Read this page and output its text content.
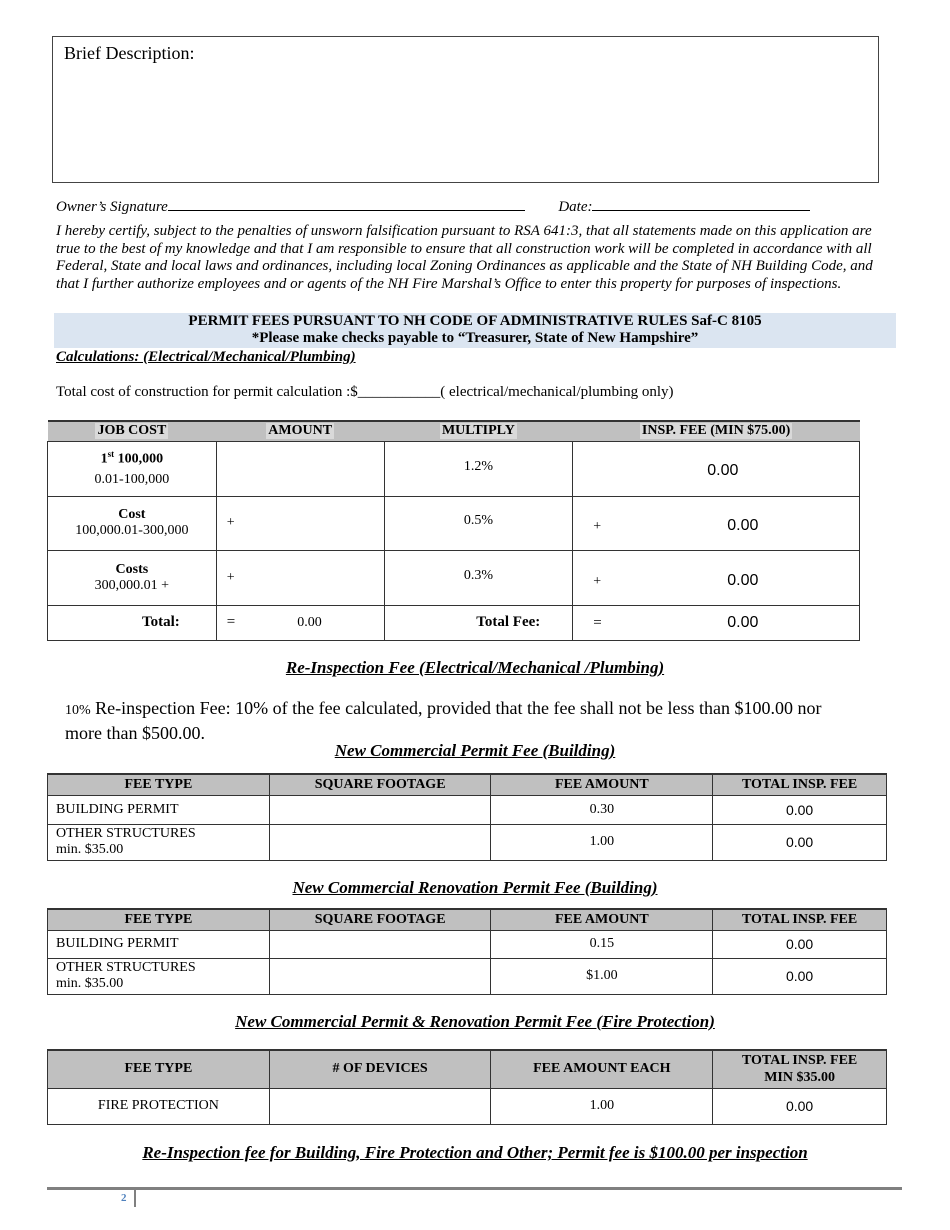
Brief Description:
Owner’s Signature	Date:
I hereby certify, subject to the penalties of unsworn falsification pursuant to RSA 641:3, that all statements made on this application are true to the best of my knowledge and that I am responsible to ensure that all construction work will be completed in accordance with all Federal, State and local laws and ordinances, including local Zoning Ordinances as applicable and the State of NH Building Code, and that I further authorize employees and or agents of the NH Fire Marshal’s Office to enter this property for purposes of inspections.
PERMIT FEES PURSUANT TO NH CODE OF ADMINISTRATIVE RULES Saf-C 8105
*Please make checks payable to “Treasurer, State of New Hampshire”
Calculations: (Electrical/Mechanical/Plumbing)
Total cost of construction for permit calculation :$___________( electrical/mechanical/plumbing only)
JOB COST	AMOUNT	MULTIPLY	INSP. FEE (MIN $75.00)

1st 100,000
0.01-100,000		1.2%	0.00

Cost
100,000.01-300,000	+	0.5%	+ 0.00

Costs
300,000.01 +	+	0.3%	+ 0.00
Total:	= 0.00	Total Fee:	= 0.00
Re-Inspection Fee (Electrical/Mechanical /Plumbing)
10% Re-inspection Fee: 10% of the fee calculated, provided that the fee shall not be less than $100.00 nor more than $500.00.
New Commercial Permit Fee (Building)
FEE TYPE	SQUARE FOOTAGE	FEE AMOUNT	TOTAL INSP. FEE

BUILDING PERMIT		0.30	0.00

OTHER STRUCTURES
min. $35.00		1.00	0.00
New Commercial Renovation Permit Fee (Building)
FEE TYPE	SQUARE FOOTAGE	FEE AMOUNT	TOTAL INSP. FEE

BUILDING PERMIT		0.15	0.00

OTHER STRUCTURES
min. $35.00		$1.00	0.00
New Commercial Permit & Renovation Permit Fee (Fire Protection)
FEE TYPE	# OF DEVICES	FEE AMOUNT EACH	TOTAL INSP. FEE
MIN $35.00

FIRE PROTECTION		1.00	0.00
Re-Inspection fee for Building, Fire Protection and Other; Permit fee is $100.00 per inspection
2
